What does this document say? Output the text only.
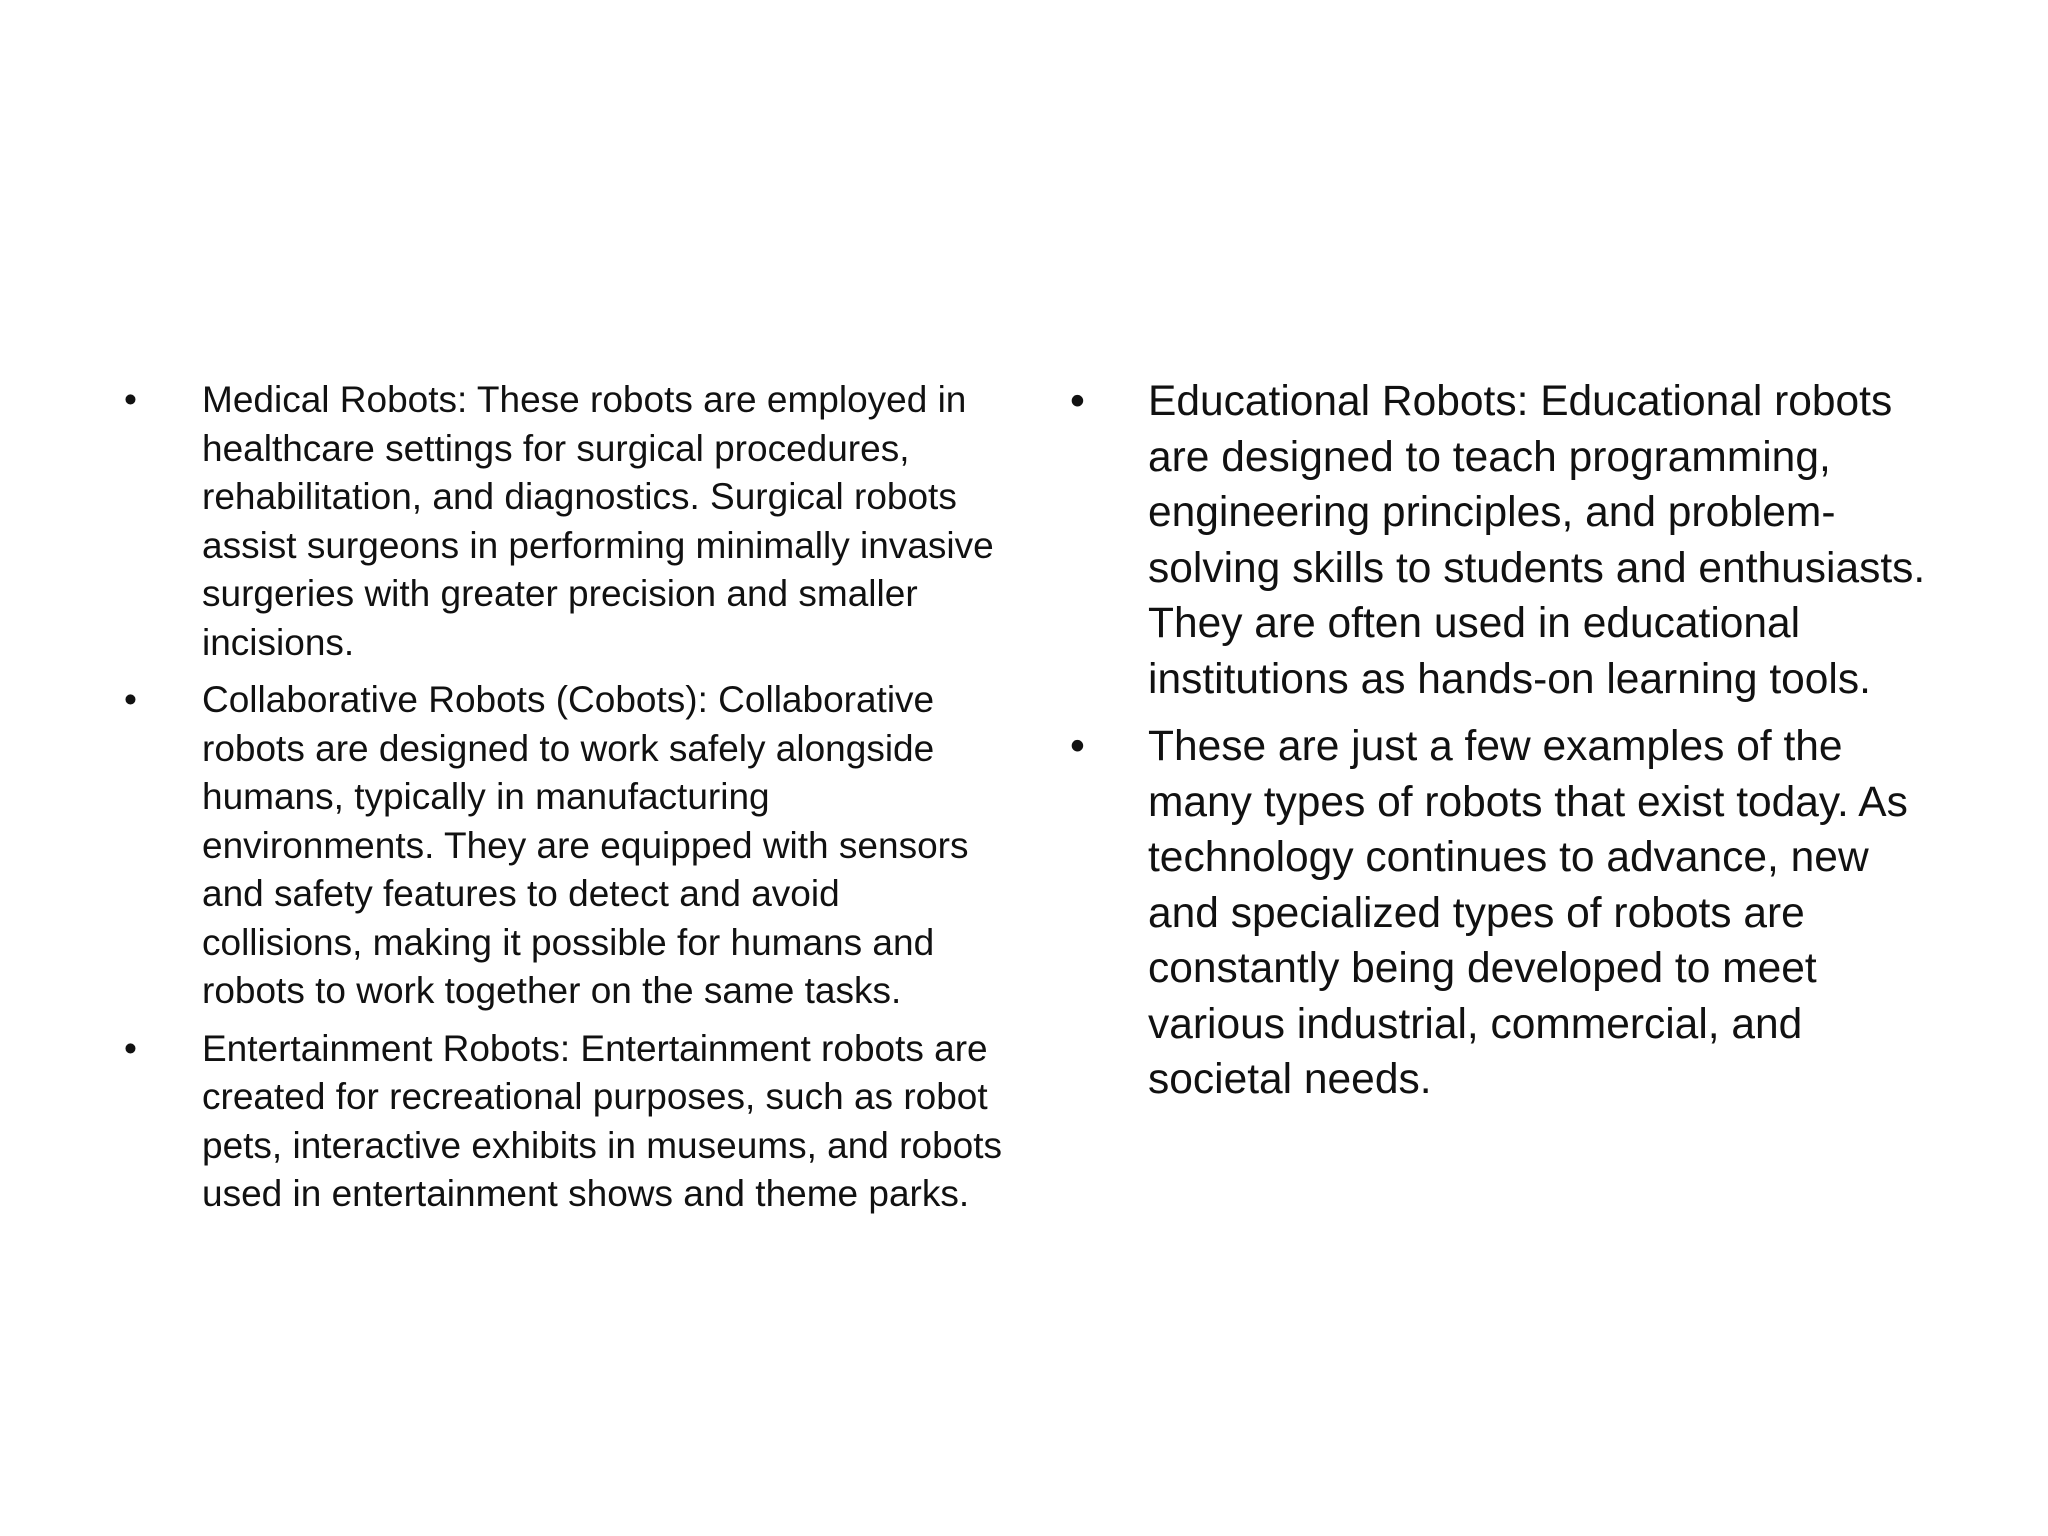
•	Medical Robots: These robots are employed in healthcare settings for surgical procedures, rehabilitation, and diagnostics. Surgical robots assist surgeons in performing minimally invasive surgeries with greater precision and smaller incisions.
•	Collaborative Robots (Cobots): Collaborative robots are designed to work safely alongside humans, typically in manufacturing environments. They are equipped with sensors and safety features to detect and avoid collisions, making it possible for humans and robots to work together on the same tasks.
•	Entertainment Robots: Entertainment robots are created for recreational purposes, such as robot pets, interactive exhibits in museums, and robots used in entertainment shows and theme parks.
•	Educational Robots: Educational robots are designed to teach programming, engineering principles, and problem-solving skills to students and enthusiasts. They are often used in educational institutions as hands-on learning tools.
•	These are just a few examples of the many types of robots that exist today. As technology continues to advance, new and specialized types of robots are constantly being developed to meet various industrial, commercial, and societal needs.
